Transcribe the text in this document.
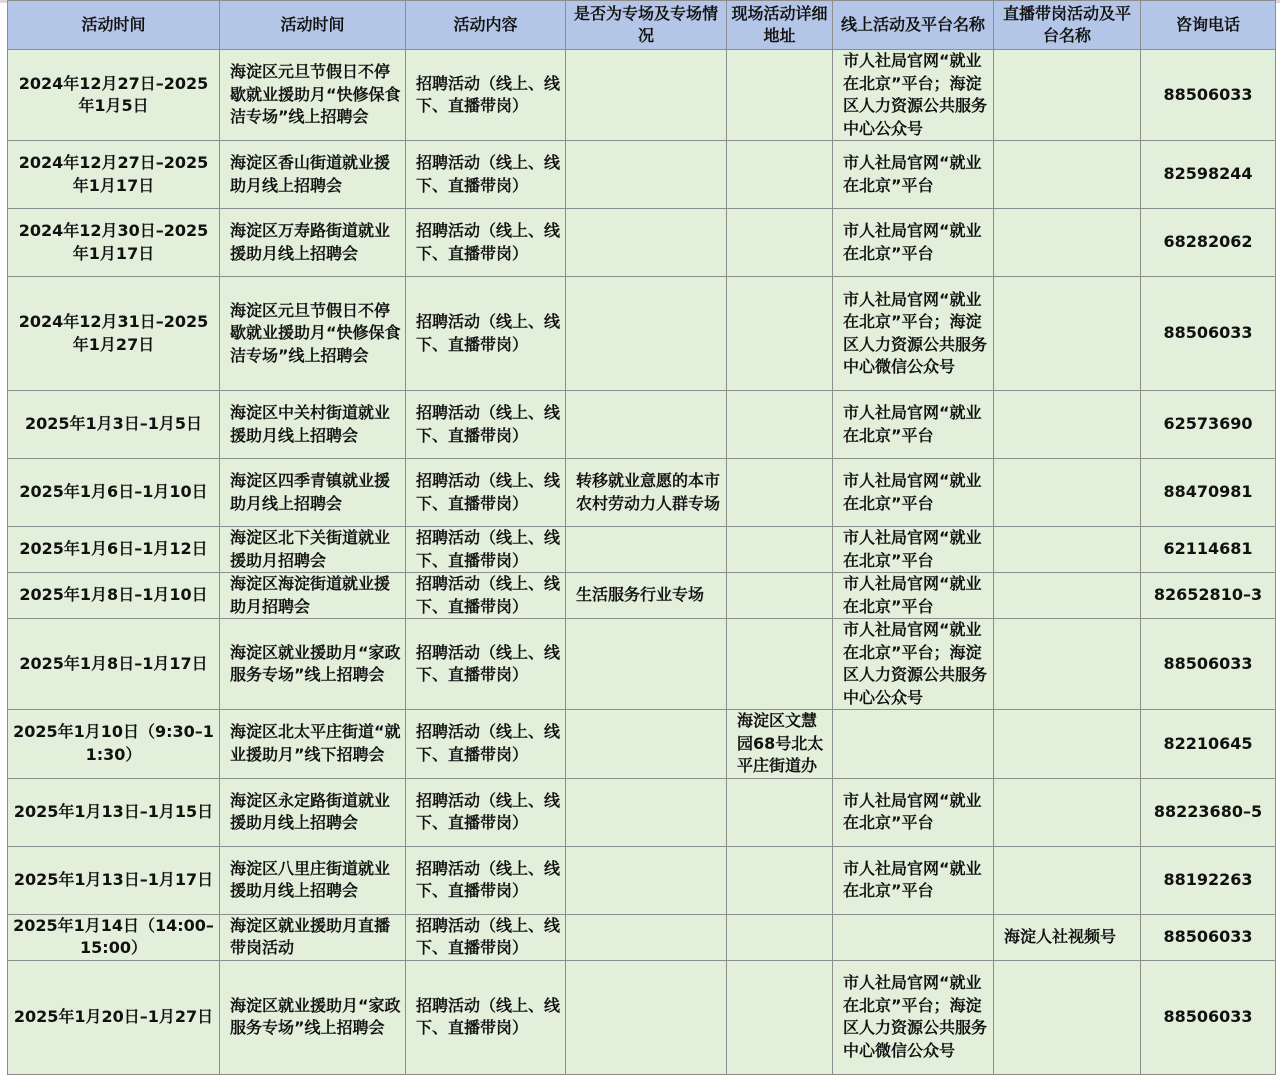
活动时间	活动时间	活动内容	是否为专场及专场情况	现场活动详细地址	线上活动及平台名称	直播带岗活动及平台名称	咨询电话
2024年12月27日–2025年1月5日	海淀区元旦节假日不停歇就业援助月“快修保食洁专场”线上招聘会	招聘活动（线上、线下、直播带岗）			市人社局官网“就业在北京”平台；海淀区人力资源公共服务中心公众号		88506033
2024年12月27日–2025年1月17日	海淀区香山街道就业援助月线上招聘会	招聘活动（线上、线下、直播带岗）			市人社局官网“就业在北京”平台		82598244
2024年12月30日–2025年1月17日	海淀区万寿路街道就业援助月线上招聘会	招聘活动（线上、线下、直播带岗）			市人社局官网“就业在北京”平台		68282062
2024年12月31日–2025年1月27日	海淀区元旦节假日不停歇就业援助月“快修保食洁专场”线上招聘会	招聘活动（线上、线下、直播带岗）			市人社局官网“就业在北京”平台；海淀区人力资源公共服务中心微信公众号		88506033
2025年1月3日–1月5日	海淀区中关村街道就业援助月线上招聘会	招聘活动（线上、线下、直播带岗）			市人社局官网“就业在北京”平台		62573690
2025年1月6日–1月10日	海淀区四季青镇就业援助月线上招聘会	招聘活动（线上、线下、直播带岗）	转移就业意愿的本市农村劳动力人群专场		市人社局官网“就业在北京”平台		88470981
2025年1月6日–1月12日	海淀区北下关街道就业援助月招聘会	招聘活动（线上、线下、直播带岗）			市人社局官网“就业在北京”平台		62114681
2025年1月8日–1月10日	海淀区海淀街道就业援助月招聘会	招聘活动（线上、线下、直播带岗）	生活服务行业专场		市人社局官网“就业在北京”平台		82652810–3
2025年1月8日–1月17日	海淀区就业援助月“家政服务专场”线上招聘会	招聘活动（线上、线下、直播带岗）			市人社局官网“就业在北京”平台；海淀区人力资源公共服务中心公众号		88506033
2025年1月10日（9:30–11:30）	海淀区北太平庄街道“就业援助月”线下招聘会	招聘活动（线上、线下、直播带岗）		海淀区文慧园68号北太平庄街道办			82210645
2025年1月13日–1月15日	海淀区永定路街道就业援助月线上招聘会	招聘活动（线上、线下、直播带岗）			市人社局官网“就业在北京”平台		88223680–5
2025年1月13日–1月17日	海淀区八里庄街道就业援助月线上招聘会	招聘活动（线上、线下、直播带岗）			市人社局官网“就业在北京”平台		88192263
2025年1月14日（14:00–15:00）	海淀区就业援助月直播带岗活动	招聘活动（线上、线下、直播带岗）				海淀人社视频号	88506033
2025年1月20日–1月27日	海淀区就业援助月“家政服务专场”线上招聘会	招聘活动（线上、线下、直播带岗）			市人社局官网“就业在北京”平台；海淀区人力资源公共服务中心微信公众号		88506033
